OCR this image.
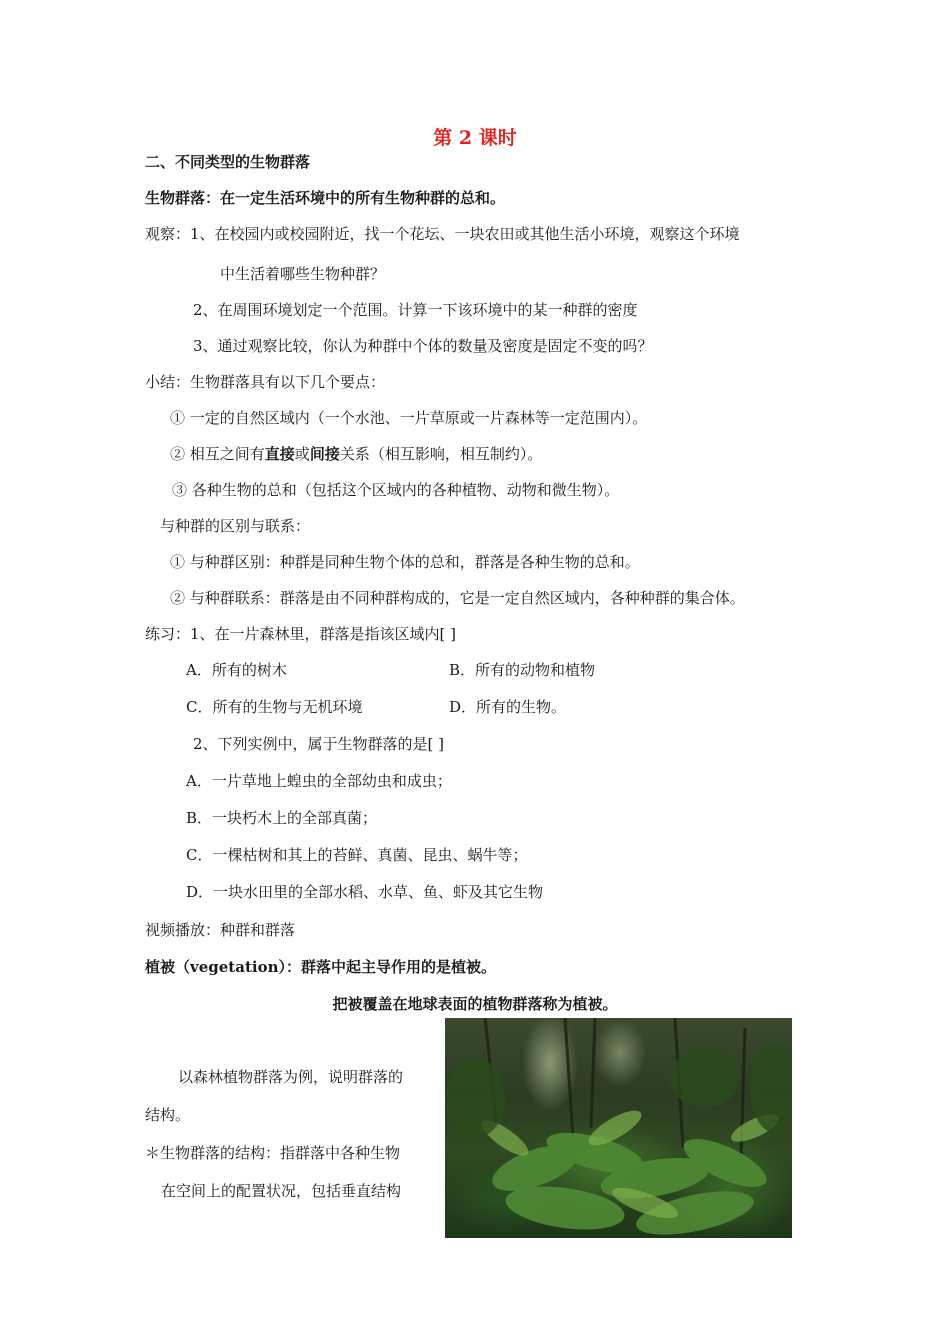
第 2 课时
二、不同类型的生物群落
生物群落：在一定生活环境中的所有生物种群的总和。
观察：1、在校园内或校园附近，找一个花坛、一块农田或其他生活小环境，观察这个环境
中生活着哪些生物种群？
2、在周围环境划定一个范围。计算一下该环境中的某一种群的密度
3、通过观察比较，你认为种群中个体的数量及密度是固定不变的吗？
小结：生物群落具有以下几个要点：
① 一定的自然区域内（一个水池、一片草原或一片森林等一定范围内）。
② 相互之间有直接或间接关系（相互影响，相互制约）。
③ 各种生物的总和（包括这个区域内的各种植物、动物和微生物）。
与种群的区别与联系：
① 与种群区别：种群是同种生物个体的总和，群落是各种生物的总和。
② 与种群联系：群落是由不同种群构成的，它是一定自然区域内，各种种群的集合体。
练习：1、在一片森林里，群落是指该区域内[ ]
A．所有的树木	B．所有的动物和植物
C．所有的生物与无机环境	D．所有的生物。
2、下列实例中，属于生物群落的是[ ]
A．一片草地上蝗虫的全部幼虫和成虫；
B．一块朽木上的全部真菌；
C．一棵枯树和其上的苔鲜、真菌、昆虫、蜗牛等；
D．一块水田里的全部水稻、水草、鱼、虾及其它生物
视频播放：种群和群落
植被（vegetation）：群落中起主导作用的是植被。
把被覆盖在地球表面的植物群落称为植被。
以森林植物群落为例，说明群落的
结构。
＊生物群落的结构：指群落中各种生物
在空间上的配置状况，包括垂直结构
